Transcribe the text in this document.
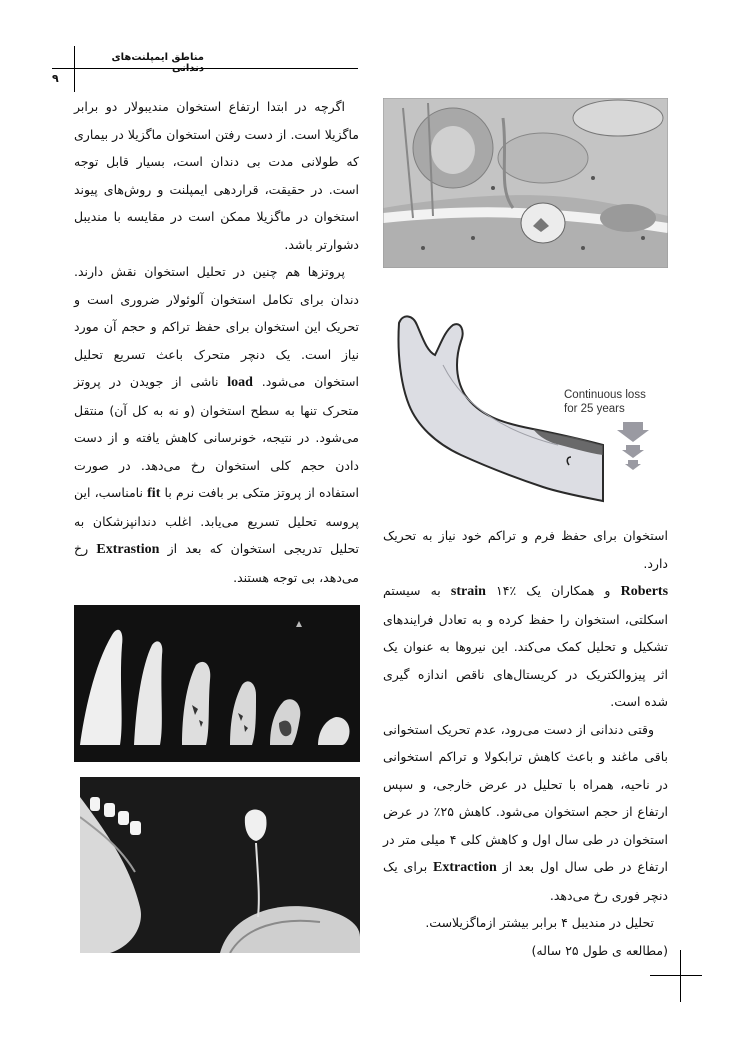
مناطق ایمپلنت‌های دندانی
۹

اگرچه در ابتدا ارتفاع استخوان منديبولار دو برابر ماگزيلا است. از دست رفتن استخوان ماگزيلا در بيماری که طولانی مدت بی دندان است، بسيار قابل توجه است. در حقيقت، قراردهی ايمپلنت و روش‌های پيوند استخوان در ماگزيلا ممکن است در مقايسه با منديبل دشوارتر باشد.

پروتزها هم چنين در تحليل استخوان نقش دارند. دندان برای تکامل استخوان آلوئولار ضروری است و تحريک اين استخوان برای حفظ تراکم و حجم آن مورد نياز است. يک دنچر متحرک باعث تسريع تحليل استخوان می‌شود. load ناشی از جويدن در پروتز متحرک تنها به سطح استخوان (و نه به کل آن) منتقل می‌شود. در نتيجه، خونرسانی کاهش يافته و از دست دادن حجم کلی استخوان رخ می‌دهد. در صورت استفاده از پروتز متکی بر بافت نرم با fit نامناسب، اين پروسه تحليل تسريع می‌يابد. اغلب دندانپزشکان به تحليل تدريجی استخوان که بعد از Extrastion رخ می‌دهد، بی توجه هستند.

Continuous loss
for 25 years

استخوان برای حفظ فرم و تراکم خود نياز به تحريک دارد.

Roberts و همکاران يک strain ۱۴٪ به سيستم اسکلتی، استخوان را حفظ کرده و به تعادل فرايندهای تشکيل و تحليل کمک می‌کند. اين نيروها به عنوان يک اثر پيزوالکتريک در کريستال‌های ناقص اندازه گيری شده است.

وقتی دندانی از دست می‌رود، عدم تحريک استخوانی باقی ماغند و باعث کاهش ترابکولا و تراکم استخوانی در ناحيه، همراه با تحليل در عرض خارجی، و سپس ارتفاع از حجم استخوان می‌شود. کاهش ۲۵٪ در عرض استخوان در طی سال اول و کاهش کلی ۴ ميلی متر در ارتفاع در طی سال اول بعد از Extraction برای يک دنچر فوری رخ می‌دهد.

تحليل در منديبل ۴ برابر بيشتر ازماگزيلاست.

(مطالعه ی طول ۲۵ ساله)
